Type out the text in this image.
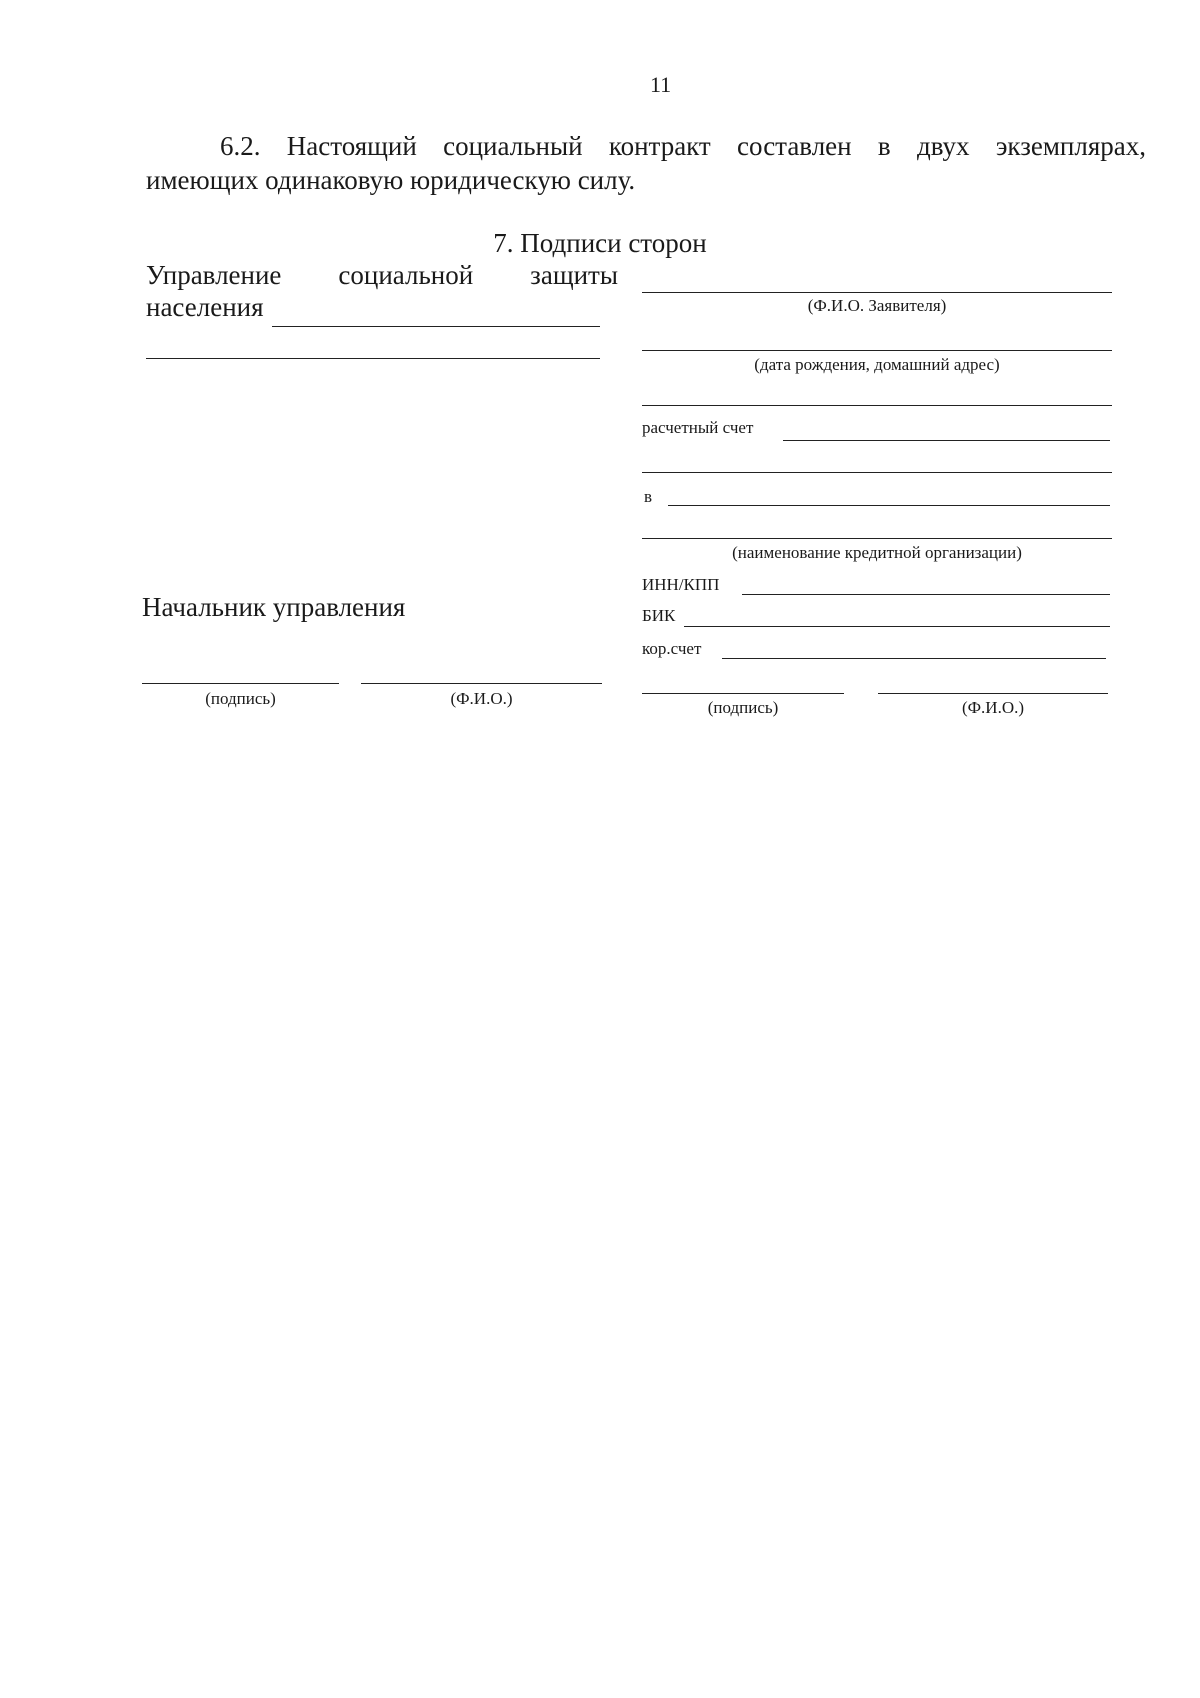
11
6.2. Настоящий социальный контракт составлен в двух экземплярах,
имеющих одинаковую юридическую силу.
7. Подписи сторон
Управление социальной защиты
населения
Начальник управления
(подпись)	(Ф.И.О.)
(Ф.И.О. Заявителя)
(дата рождения, домашний адрес)
расчетный счет
в
(наименование кредитной организации)
ИНН/КПП
БИК
кор.счет
(подпись)	(Ф.И.О.)
